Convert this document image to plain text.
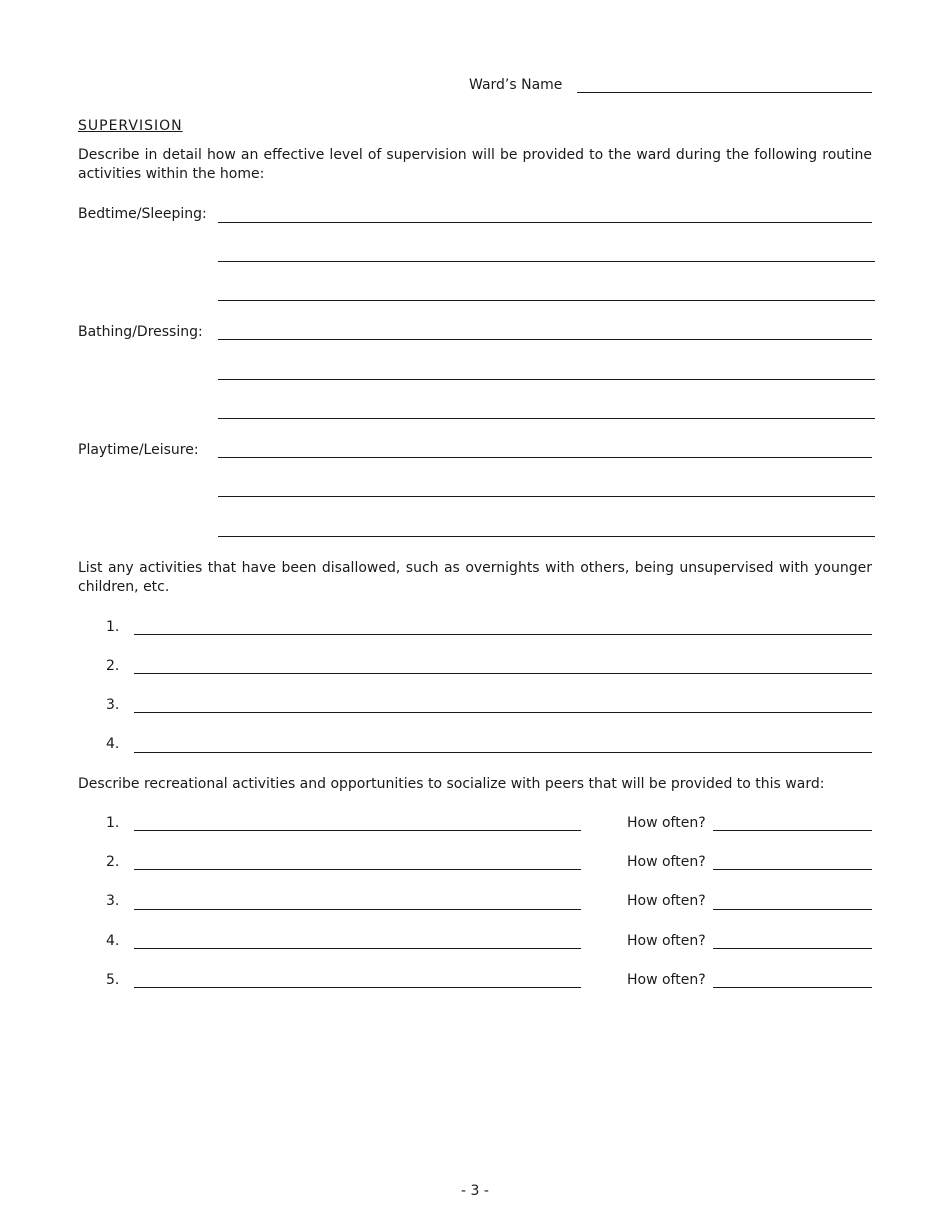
Ward’s Name
SUPERVISION
Describe in detail how an effective level of supervision will be provided to the ward during the following routine activities within the home:
Bedtime/Sleeping:
Bathing/Dressing:
Playtime/Leisure:
List any activities that have been disallowed, such as overnights with others, being unsupervised with younger children, etc.
1.
2.
3.
4.
Describe recreational activities and opportunities to socialize with peers that will be provided to this ward:
1.	How often?
2.	How often?
3.	How often?
4.	How often?
5.	How often?
- 3 -
